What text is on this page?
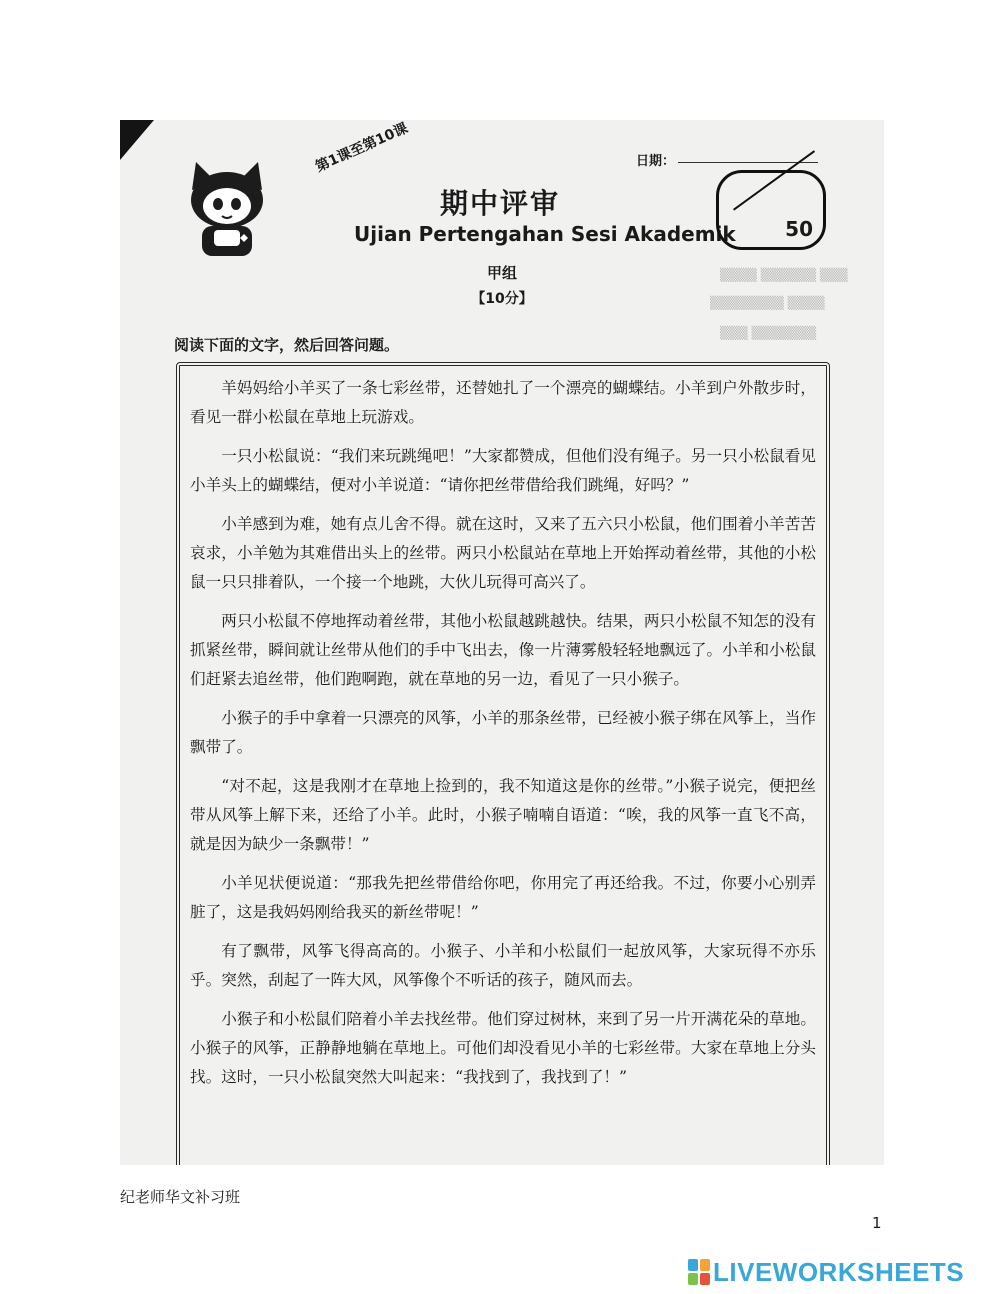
▒▒▒▒ ▒▒▒▒▒▒ ▒▒▒
▒▒▒▒▒▒▒▒ ▒▒▒▒
▒▒▒ ▒▒▒▒▒▒▒
日期：
第1课至第10课
期中评审
Ujian Pertengahan Sesi Akademik 50
甲组
【10分】
阅读下面的文字，然后回答问题。

羊妈妈给小羊买了一条七彩丝带，还替她扎了一个漂亮的蝴蝶结。小羊到户外散步时，看见一群小松鼠在草地上玩游戏。

一只小松鼠说：“我们来玩跳绳吧！”大家都赞成，但他们没有绳子。另一只小松鼠看见小羊头上的蝴蝶结，便对小羊说道：“请你把丝带借给我们跳绳，好吗？”

小羊感到为难，她有点儿舍不得。就在这时，又来了五六只小松鼠，他们围着小羊苦苦哀求，小羊勉为其难借出头上的丝带。两只小松鼠站在草地上开始挥动着丝带，其他的小松鼠一只只排着队，一个接一个地跳，大伙儿玩得可高兴了。

两只小松鼠不停地挥动着丝带，其他小松鼠越跳越快。结果，两只小松鼠不知怎的没有抓紧丝带，瞬间就让丝带从他们的手中飞出去，像一片薄雾般轻轻地飘远了。小羊和小松鼠们赶紧去追丝带，他们跑啊跑，就在草地的另一边，看见了一只小猴子。

小猴子的手中拿着一只漂亮的风筝，小羊的那条丝带，已经被小猴子绑在风筝上，当作飘带了。

“对不起，这是我刚才在草地上捡到的，我不知道这是你的丝带。”小猴子说完，便把丝带从风筝上解下来，还给了小羊。此时，小猴子喃喃自语道：“唉，我的风筝一直飞不高，就是因为缺少一条飘带！”

小羊见状便说道：“那我先把丝带借给你吧，你用完了再还给我。不过，你要小心别弄脏了，这是我妈妈刚给我买的新丝带呢！”

有了飘带，风筝飞得高高的。小猴子、小羊和小松鼠们一起放风筝，大家玩得不亦乐乎。突然，刮起了一阵大风，风筝像个不听话的孩子，随风而去。

小猴子和小松鼠们陪着小羊去找丝带。他们穿过树林，来到了另一片开满花朵的草地。小猴子的风筝，正静静地躺在草地上。可他们却没看见小羊的七彩丝带。大家在草地上分头找。这时，一只小松鼠突然大叫起来：“我找到了，我找到了！”

纪老师华文补习班
1
LIVEWORKSHEETS
